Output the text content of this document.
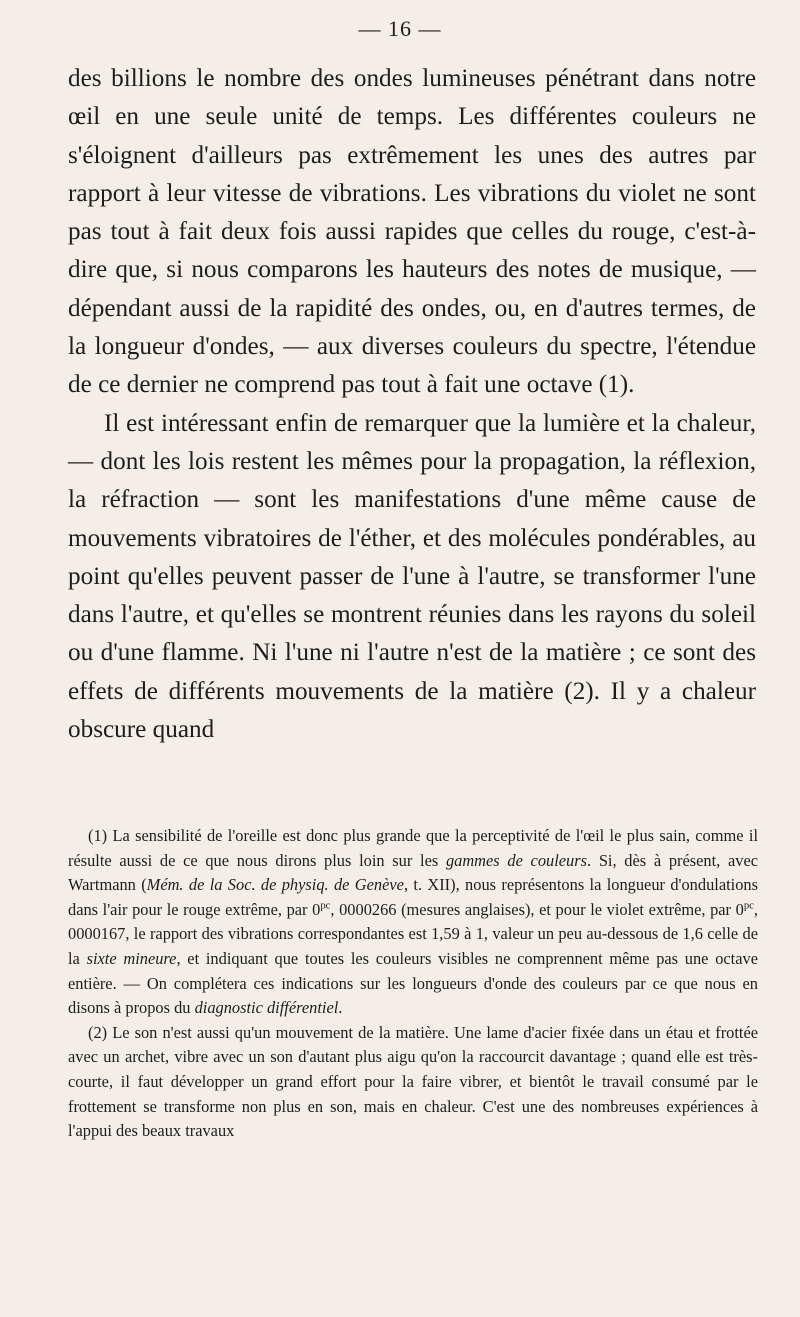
— 16 —

des billions le nombre des ondes lumineuses pénétrant dans notre œil en une seule unité de temps. Les différentes couleurs ne s'éloignent d'ailleurs pas extrêmement les unes des autres par rapport à leur vitesse de vibrations. Les vibrations du violet ne sont pas tout à fait deux fois aussi rapides que celles du rouge, c'est-à-dire que, si nous comparons les hauteurs des notes de musique, — dépendant aussi de la rapidité des ondes, ou, en d'autres termes, de la longueur d'ondes, — aux diverses couleurs du spectre, l'étendue de ce dernier ne comprend pas tout à fait une octave (1).

Il est intéressant enfin de remarquer que la lumière et la chaleur, — dont les lois restent les mêmes pour la propagation, la réflexion, la réfraction — sont les manifestations d'une même cause de mouvements vibratoires de l'éther, et des molécules pondérables, au point qu'elles peuvent passer de l'une à l'autre, se transformer l'une dans l'autre, et qu'elles se montrent réunies dans les rayons du soleil ou d'une flamme. Ni l'une ni l'autre n'est de la matière ; ce sont des effets de différents mouvements de la matière (2). Il y a chaleur obscure quand

(1) La sensibilité de l'oreille est donc plus grande que la perceptivité de l'œil le plus sain, comme il résulte aussi de ce que nous dirons plus loin sur les gammes de couleurs. Si, dès à présent, avec Wartmann (Mém. de la Soc. de physiq. de Genève, t. XII), nous représentons la longueur d'ondulations dans l'air pour le rouge extrême, par $0^{pc}$, 0000266 (mesures anglaises), et pour le violet extrême, par $0^{pc}$, 0000167, le rapport des vibrations correspondantes est 1,59 à 1, valeur un peu au-dessous de 1,6 celle de la sixte mineure, et indiquant que toutes les couleurs visibles ne comprennent même pas une octave entière. — On complétera ces indications sur les longueurs d'onde des couleurs par ce que nous en disons à propos du diagnostic différentiel.

(2) Le son n'est aussi qu'un mouvement de la matière. Une lame d'acier fixée dans un étau et frottée avec un archet, vibre avec un son d'autant plus aigu qu'on la raccourcit davantage ; quand elle est très-courte, il faut développer un grand effort pour la faire vibrer, et bientôt le travail consumé par le frottement se transforme non plus en son, mais en chaleur. C'est une des nombreuses expériences à l'appui des beaux travaux
